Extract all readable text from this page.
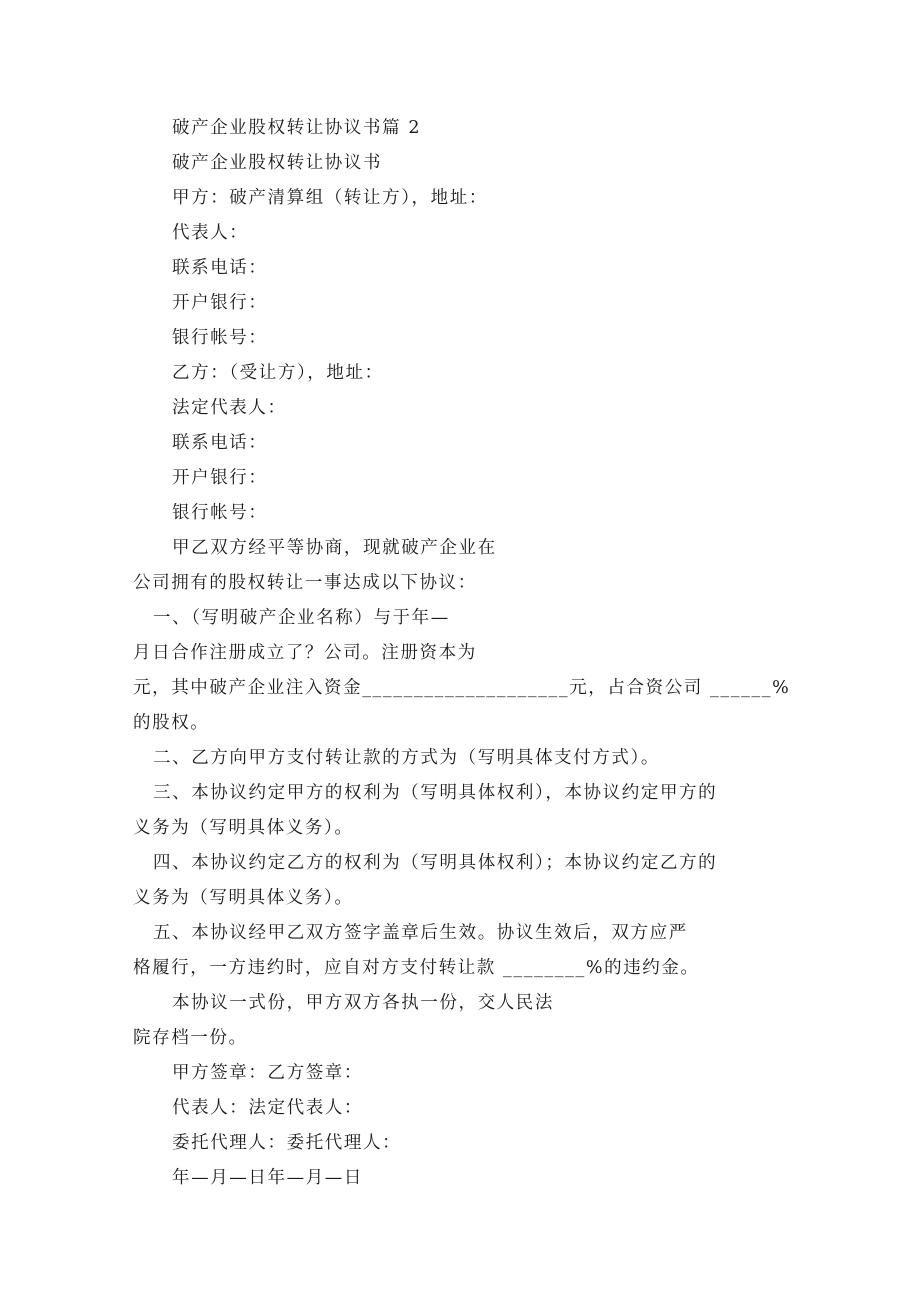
破产企业股权转让协议书篇 2
破产企业股权转让协议书
甲方：破产清算组（转让方），地址：
代表人：
联系电话：
开户银行：
银行帐号：
乙方：（受让方），地址：
法定代表人：
联系电话：
开户银行：
银行帐号：
甲乙双方经平等协商，现就破产企业在
公司拥有的股权转让一事达成以下协议：
一、（写明破产企业名称）与于年—
月日合作注册成立了？公司。注册资本为
元，其中破产企业注入资金____________________元，占合资公司 ______%
的股权。
二、乙方向甲方支付转让款的方式为（写明具体支付方式）。
三、本协议约定甲方的权利为（写明具体权利），本协议约定甲方的
义务为（写明具体义务）。
四、本协议约定乙方的权利为（写明具体权利）；本协议约定乙方的
义务为（写明具体义务）。
五、本协议经甲乙双方签字盖章后生效。协议生效后，双方应严
格履行，一方违约时，应自对方支付转让款 ________%的违约金。
本协议一式份，甲方双方各执一份，交人民法
院存档一份。
甲方签章：乙方签章：
代表人：法定代表人：
委托代理人：委托代理人：
年—月—日年—月—日
